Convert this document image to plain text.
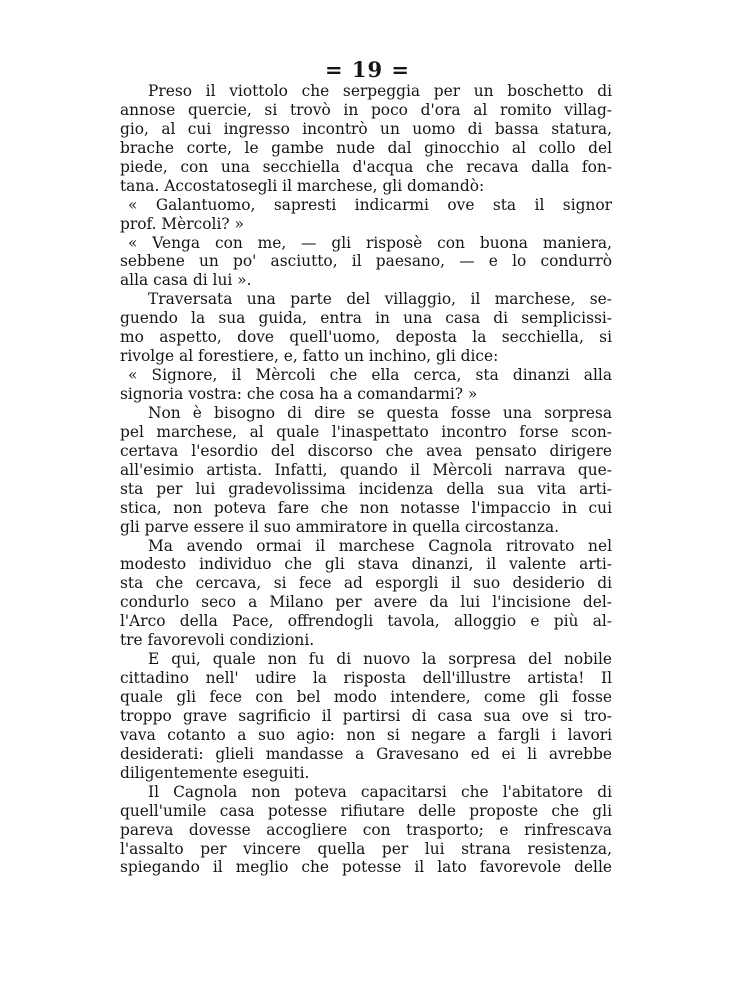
= 19 =
Preso il viottolo che serpeggia per un boschetto di
annose quercie, si trovò in poco d'ora al romito villag-
gio, al cui ingresso incontrò un uomo di bassa statura,
brache corte, le gambe nude dal ginocchio al collo del
piede, con una secchiella d'acqua che recava dalla fon-
tana. Accostatosegli il marchese, gli domandò:
« Galantuomo, sapresti indicarmi ove sta il signor
prof. Mèrcoli? »
« Venga con me, — gli risposè con buona maniera,
sebbene un po' asciutto, il paesano, — e lo condurrò
alla casa di lui ».
Traversata una parte del villaggio, il marchese, se-
guendo la sua guida, entra in una casa di semplicissi-
mo aspetto, dove quell'uomo, deposta la secchiella, si
rivolge al forestiere, e, fatto un inchino, gli dice:
« Signore, il Mèrcoli che ella cerca, sta dinanzi alla
signoria vostra: che cosa ha a comandarmi? »
Non è bisogno di dire se questa fosse una sorpresa
pel marchese, al quale l'inaspettato incontro forse scon-
certava l'esordio del discorso che avea pensato dirigere
all'esimio artista. Infatti, quando il Mèrcoli narrava que-
sta per lui gradevolissima incidenza della sua vita arti-
stica, non poteva fare che non notasse l'impaccio in cui
gli parve essere il suo ammiratore in quella circostanza.
Ma avendo ormai il marchese Cagnola ritrovato nel
modesto individuo che gli stava dinanzi, il valente arti-
sta che cercava, si fece ad esporgli il suo desiderio di
condurlo seco a Milano per avere da lui l'incisione del-
l'Arco della Pace, offrendogli tavola, alloggio e più al-
tre favorevoli condizioni.
E qui, quale non fu di nuovo la sorpresa del nobile
cittadino nell' udire la risposta dell'illustre artista! Il
quale gli fece con bel modo intendere, come gli fosse
troppo grave sagrificio il partirsi di casa sua ove si tro-
vava cotanto a suo agio: non si negare a fargli i lavori
desiderati: glieli mandasse a Gravesano ed ei li avrebbe
diligentemente eseguiti.
Il Cagnola non poteva capacitarsi che l'abitatore di
quell'umile casa potesse rifiutare delle proposte che gli
pareva dovesse accogliere con trasporto; e rinfrescava
l'assalto per vincere quella per lui strana resistenza,
spiegando il meglio che potesse il lato favorevole delle
